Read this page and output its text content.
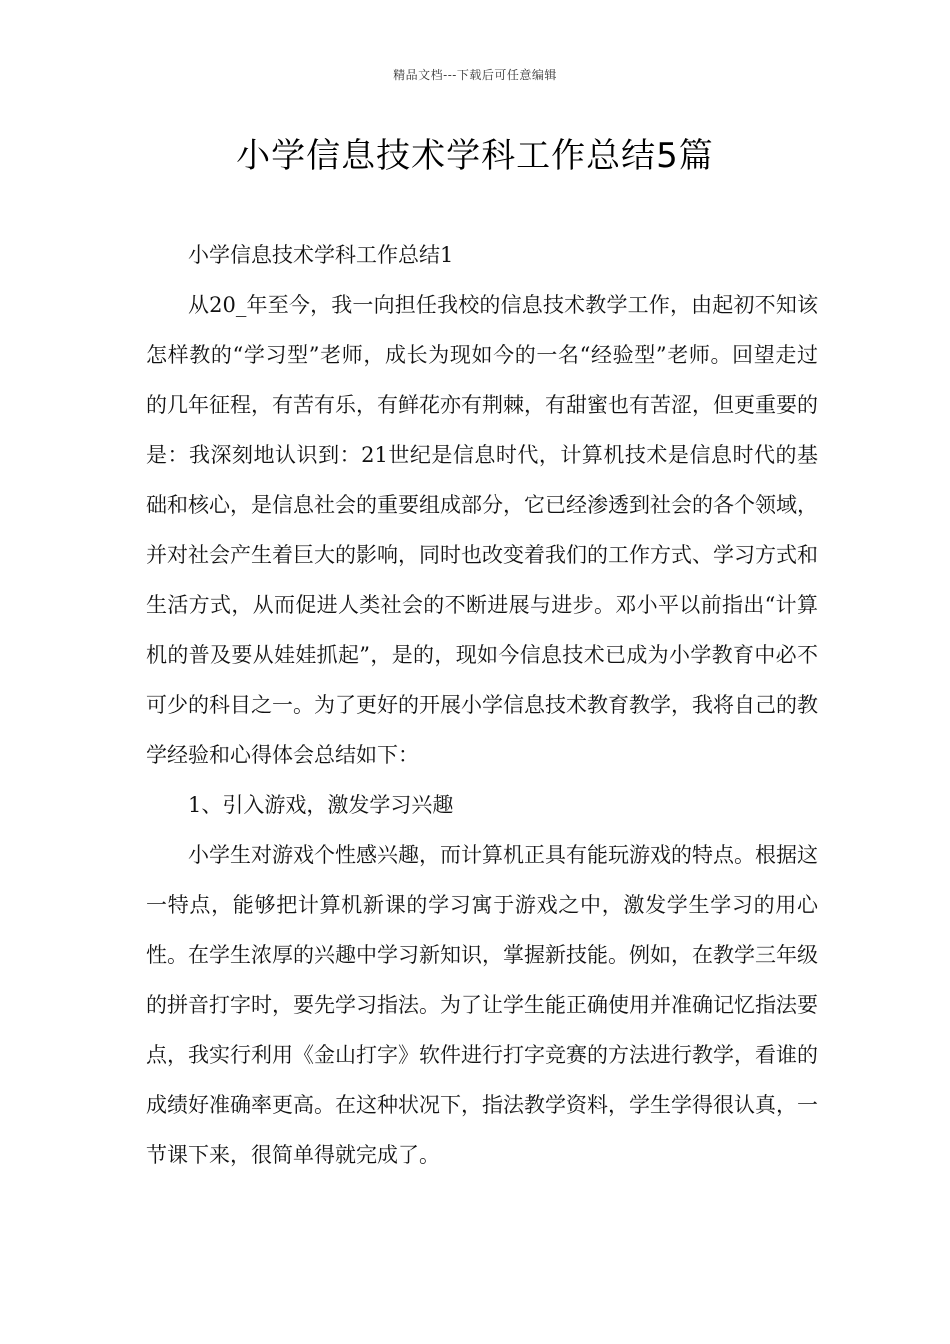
精品文档---下载后可任意编辑
小学信息技术学科工作总结5篇

小学信息技术学科工作总结1

从20_年至今，我一向担任我校的信息技术教学工作，由起初不知该怎样教的“学习型”老师，成长为现如今的一名“经验型”老师。回望走过的几年征程，有苦有乐，有鲜花亦有荆棘，有甜蜜也有苦涩，但更重要的是：我深刻地认识到：21世纪是信息时代，计算机技术是信息时代的基础和核心，是信息社会的重要组成部分，它已经渗透到社会的各个领域，并对社会产生着巨大的影响，同时也改变着我们的工作方式、学习方式和生活方式，从而促进人类社会的不断进展与进步。邓小平以前指出“计算机的普及要从娃娃抓起”，是的，现如今信息技术已成为小学教育中必不可少的科目之一。为了更好的开展小学信息技术教育教学，我将自己的教学经验和心得体会总结如下：

1、引入游戏，激发学习兴趣

小学生对游戏个性感兴趣，而计算机正具有能玩游戏的特点。根据这一特点，能够把计算机新课的学习寓于游戏之中，激发学生学习的用心性。在学生浓厚的兴趣中学习新知识，掌握新技能。例如，在教学三年级的拼音打字时，要先学习指法。为了让学生能正确使用并准确记忆指法要点，我实行利用《金山打字》软件进行打字竞赛的方法进行教学，看谁的成绩好准确率更高。在这种状况下，指法教学资料，学生学得很认真，一节课下来，很简单得就完成了。
